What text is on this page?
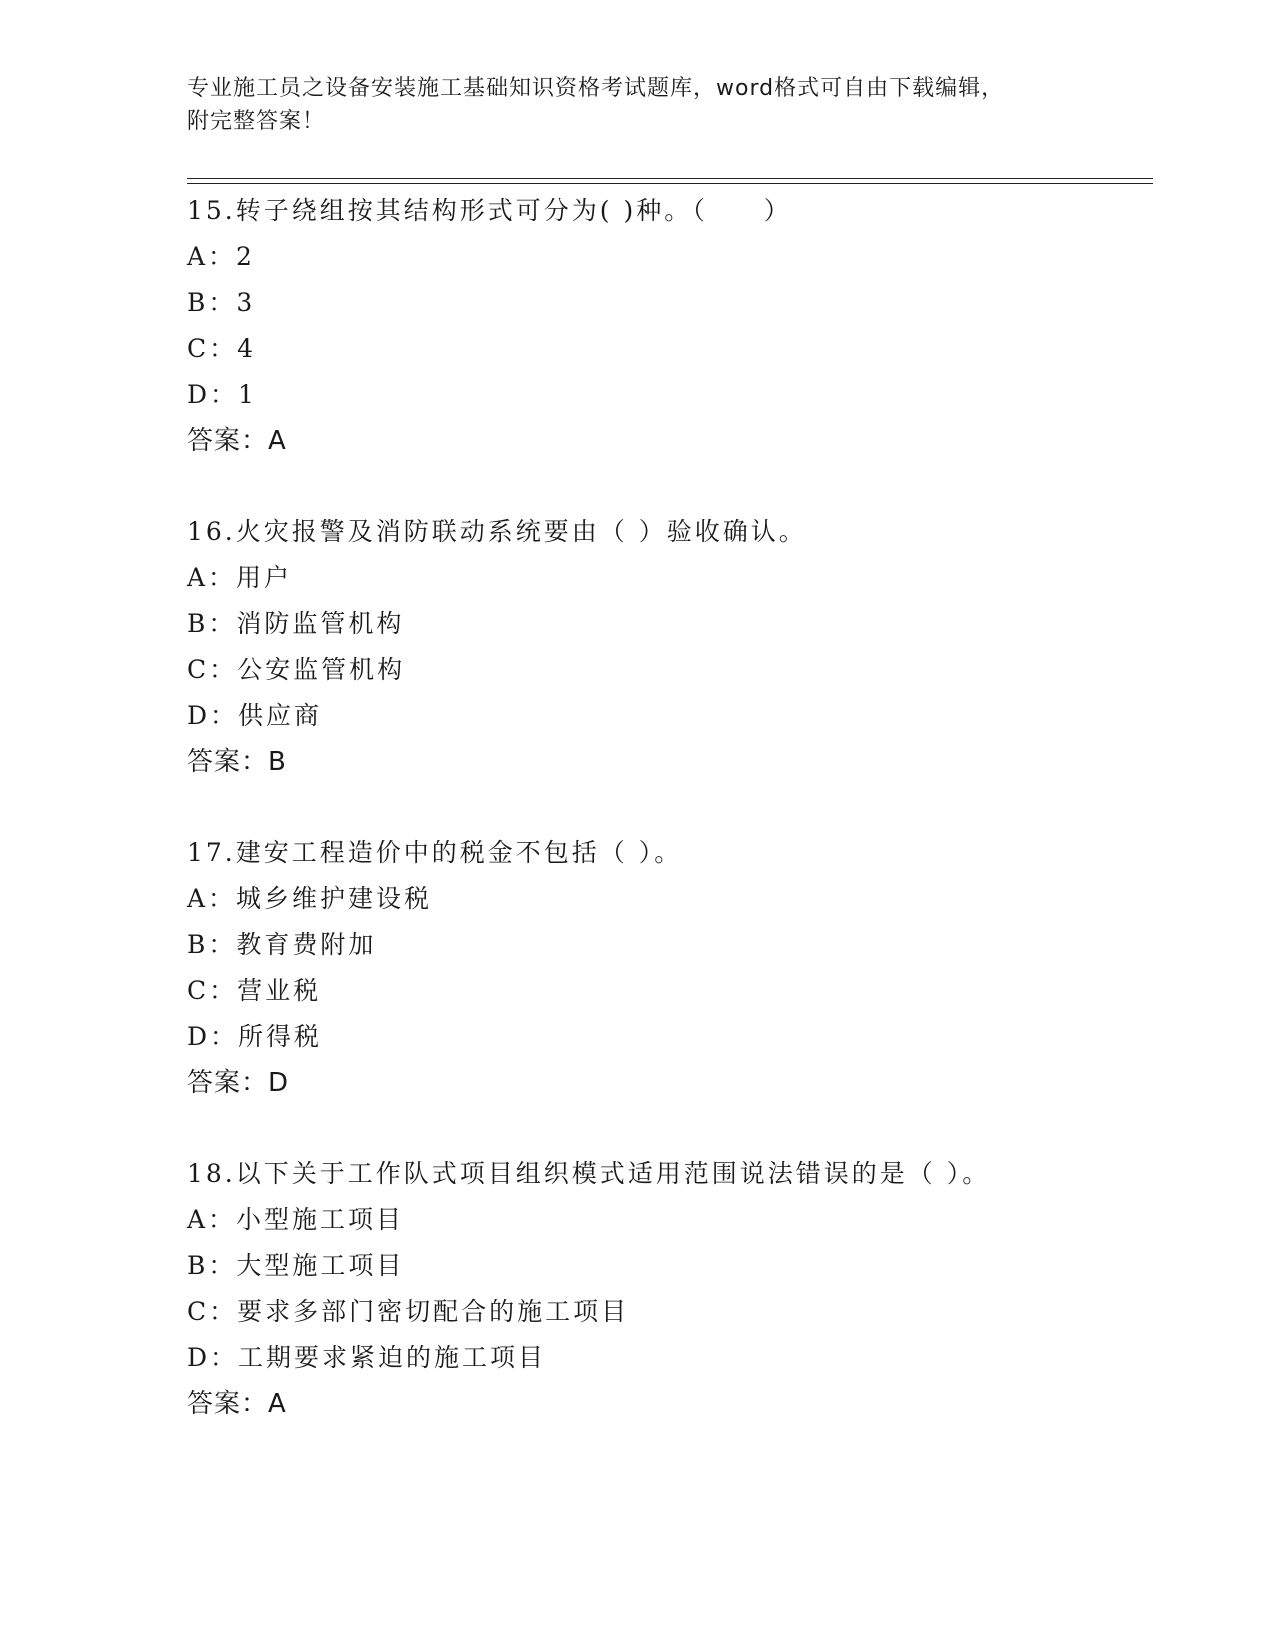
专业施工员之设备安装施工基础知识资格考试题库，word格式可自由下载编辑，
附完整答案！
15.转子绕组按其结构形式可分为( )种。（　　）
A：2
B：3
C：4
D：1
答案：A
16.火灾报警及消防联动系统要由（ ）验收确认。
A：用户
B：消防监管机构
C：公安监管机构
D：供应商
答案：B
17.建安工程造价中的税金不包括（ ）。
A：城乡维护建设税
B：教育费附加
C：营业税
D：所得税
答案：D
18.以下关于工作队式项目组织模式适用范围说法错误的是（ ）。
A：小型施工项目
B：大型施工项目
C：要求多部门密切配合的施工项目
D：工期要求紧迫的施工项目
答案：A
